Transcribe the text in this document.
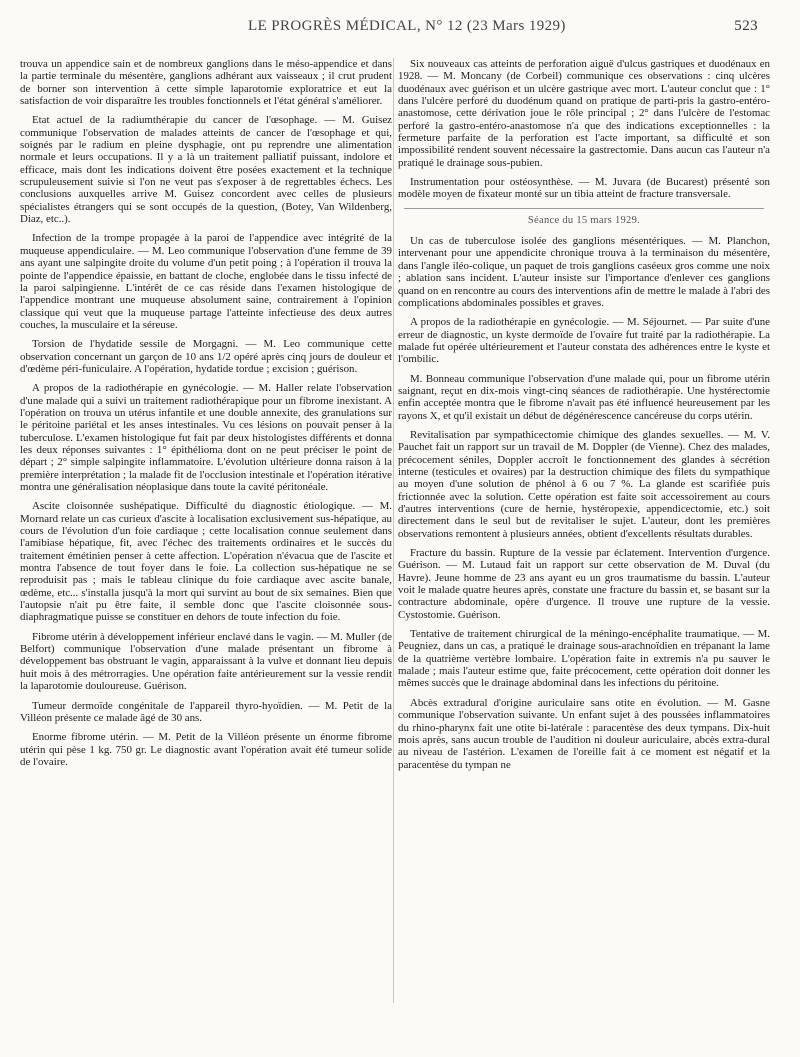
LE PROGRÈS MÉDICAL, N° 12 (23 Mars 1929)	523

trouva un appendice sain et de nombreux ganglions dans le méso-appendice et dans la partie terminale du mésentère, ganglions adhérant aux vaisseaux ; il crut prudent de borner son intervention à cette simple laparotomie exploratrice et eut la satisfaction de voir disparaître les troubles fonctionnels et l'état général s'améliorer.

Etat actuel de la radiumthérapie du cancer de l'œsophage. — M. Guisez communique l'observation de malades atteints de cancer de l'œsophage et qui, soignés par le radium en pleine dysphagie, ont pu reprendre une alimentation normale et leurs occupations. Il y a là un traitement palliatif puissant, indolore et efficace, mais dont les indications doivent être posées exactement et la technique scrupuleusement suivie si l'on ne veut pas s'exposer à de regrettables échecs. Les conclusions auxquelles arrive M. Guisez concordent avec celles de plusieurs spécialistes étrangers qui se sont occupés de la question, (Botey, Van Wildenberg, Diaz, etc..).

Infection de la trompe propagée à la paroi de l'appendice avec intégrité de la muqueuse appendiculaire. — M. Leo communique l'observation d'une femme de 39 ans ayant une salpingite droite du volume d'un petit poing ; à l'opération il trouva la pointe de l'appendice épaissie, en battant de cloche, englobée dans le tissu infecté de la paroi salpingienne. L'intérêt de ce cas réside dans l'examen histologique de l'appendice montrant une muqueuse absolument saine, contrairement à l'opinion classique qui veut que la muqueuse partage l'atteinte infectieuse des deux autres couches, la musculaire et la séreuse.

Torsion de l'hydatide sessile de Morgagni. — M. Leo communique cette observation concernant un garçon de 10 ans 1/2 opéré après cinq jours de douleur et d'œdème péri-funiculaire. A l'opération, hydatide tordue ; excision ; guérison.

A propos de la radiothérapie en gynécologie. — M. Haller relate l'observation d'une malade qui a suivi un traitement radiothérapique pour un fibrome inexistant. A l'opération on trouva un utérus infantile et une double annexite, des granulations sur le péritoine pariétal et les anses intestinales. Vu ces lésions on pouvait penser à la tuberculose. L'examen histologique fut fait par deux histologistes différents et donna les deux réponses suivantes : 1° épithélioma dont on ne peut préciser le point de départ ; 2° simple salpingite inflammatoire. L'évolution ultérieure donna raison à la première interprétation ; la malade fit de l'occlusion intestinale et l'opération itérative montra une généralisation néoplasique dans toute la cavité péritonéale.

Ascite cloisonnée sushépatique. Difficulté du diagnostic étiologique. — M. Mornard relate un cas curieux d'ascite à localisation exclusivement sus-hépatique, au cours de l'évolution d'un foie cardiaque ; cette localisation connue seulement dans l'amibiase hépatique, fit, avec l'échec des traitements ordinaires et le succès du traitement émétinien penser à cette affection. L'opération n'évacua que de l'ascite et montra l'absence de tout foyer dans le foie. La collection sus-hépatique ne se reproduisit pas ; mais le tableau clinique du foie cardiaque avec ascite banale, œdème, etc... s'installa jusqu'à la mort qui survint au bout de six semaines. Bien que l'autopsie n'ait pu être faite, il semble donc que l'ascite cloisonnée sous-diaphragmatique puisse se constituer en dehors de toute infection du foie.

Fibrome utérin à développement inférieur enclavé dans le vagin. — M. Muller (de Belfort) communique l'observation d'une malade présentant un fibrome à développement bas obstruant le vagin, apparaissant à la vulve et donnant lieu depuis huit mois à des métrorragies. Une opération faite antérieurement sur la vessie rendit la laparotomie douloureuse. Guérison.

Tumeur dermoïde congénitale de l'appareil thyro-hyoïdien. — M. Petit de la Villéon présente ce malade âgé de 30 ans.

Enorme fibrome utérin. — M. Petit de la Villéon présente un énorme fibrome utérin qui pèse 1 kg. 750 gr. Le diagnostic avant l'opération avait été tumeur solide de l'ovaire.

Six nouveaux cas atteints de perforation aiguë d'ulcus gastriques et duodénaux en 1928. — M. Moncany (de Corbeil) communique ces observations : cinq ulcères duodénaux avec guérison et un ulcère gastrique avec mort. L'auteur conclut que : 1° dans l'ulcère perforé du duodénum quand on pratique de parti-pris la gastro-entéro-anastomose, cette dérivation joue le rôle principal ; 2° dans l'ulcère de l'estomac perforé la gastro-entéro-anastomose n'a que des indications exceptionnelles : la fermeture parfaite de la perforation est l'acte important, sa difficulté et son impossibilité rendent souvent nécessaire la gastrectomie. Dans aucun cas l'auteur n'a pratiqué le drainage sous-pubien.

Instrumentation pour ostéosynthèse. — M. Juvara (de Bucarest) présenté son modèle moyen de fixateur monté sur un tibia atteint de fracture transversale.

Séance du 15 mars 1929.

Un cas de tuberculose isolée des ganglions mésentériques. — M. Planchon, intervenant pour une appendicite chronique trouva à la terminaison du mésentère, dans l'angle iléo-colique, un paquet de trois ganglions caséeux gros comme une noix ; ablation sans incident. L'auteur insiste sur l'importance d'enlever ces ganglions quand on en rencontre au cours des interventions afin de mettre le malade à l'abri des complications abdominales possibles et graves.

A propos de la radiothérapie en gynécologie. — M. Séjournet. — Par suite d'une erreur de diagnostic, un kyste dermoïde de l'ovaire fut traité par la radiothérapie. La malade fut opérée ultérieurement et l'auteur constata des adhérences entre le kyste et l'ombilic.

M. Bonneau communique l'observation d'une malade qui, pour un fibrome utérin saignant, reçut en dix-mois vingt-cinq séances de radiothérapie. Une hystérectomie enfin acceptée montra que le fibrome n'avait pas été influencé heureusement par les rayons X, et qu'il existait un début de dégénérescence cancéreuse du corps utérin.

Revitalisation par sympathicectomie chimique des glandes sexuelles. — M. V. Pauchet fait un rapport sur un travail de M. Doppler (de Vienne). Chez des malades, précocement séniles, Doppler accroît le fonctionnement des glandes à sécrétion interne (testicules et ovaires) par la destruction chimique des filets du sympathique au moyen d'une solution de phénol à 6 ou 7 %. La glande est scarifiée puis frictionnée avec la solution. Cette opération est faite soit accessoirement au cours d'autres interventions (cure de hernie, hystéropexie, appendicectomie, etc.) soit directement dans le seul but de revitaliser le sujet. L'auteur, dont les premières observations remontent à plusieurs années, obtient d'excellents résultats durables.

Fracture du bassin. Rupture de la vessie par éclatement. Intervention d'urgence. Guérison. — M. Lutaud fait un rapport sur cette observation de M. Duval (du Havre). Jeune homme de 23 ans ayant eu un gros traumatisme du bassin. L'auteur voit le malade quatre heures après, constate une fracture du bassin et, se basant sur la contracture abdominale, opère d'urgence. Il trouve une rupture de la vessie. Cystostomie. Guérison.

Tentative de traitement chirurgical de la méningo-encéphalite traumatique. — M. Peugniez, dans un cas, a pratiqué le drainage sous-arachnoïdien en trépanant la lame de la quatrième vertèbre lombaire. L'opération faite in extremis n'a pu sauver le malade ; mais l'auteur estime que, faite précocement, cette opération doit donner les mêmes succès que le drainage abdominal dans les infections du péritoine.

Abcès extradural d'origine auriculaire sans otite en évolution. — M. Gasne communique l'observation suivante. Un enfant sujet à des poussées inflammatoires du rhino-pharynx fait une otite bi-latérale : paracentèse des deux tympans. Dix-huit mois après, sans aucun trouble de l'audition ni douleur auriculaire, abcès extra-dural au niveau de l'astérion. L'examen de l'oreille fait à ce moment est négatif et la paracentèse du tympan ne
